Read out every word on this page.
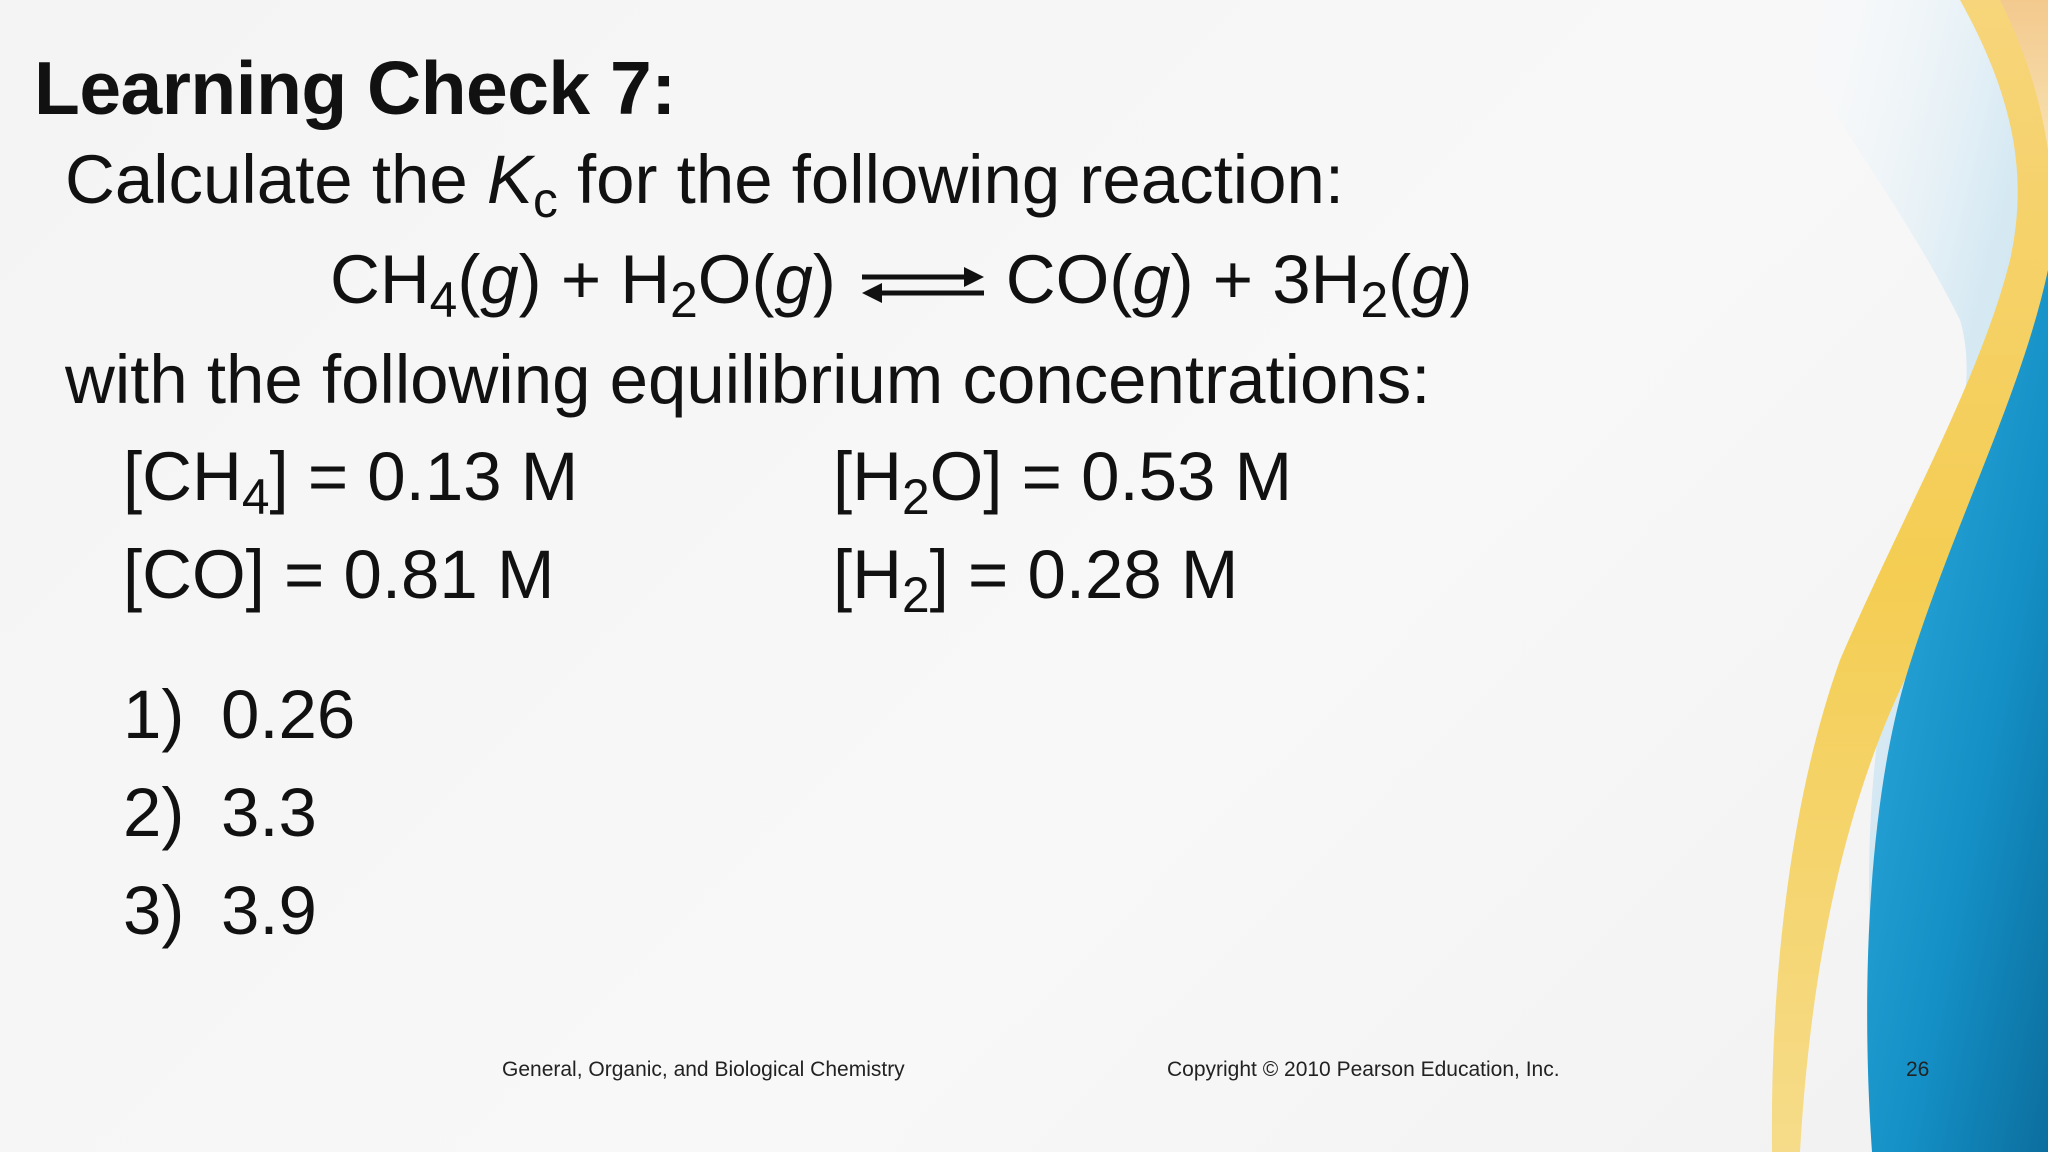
Learning Check 7:
Calculate the $K_c$ for the following reaction:
$CH_4(g) + H_2O(g)$ ⇌ $CO(g) + 3H_2(g)$
with the following equilibrium concentrations:
$[CH_4] = 0.13$ M	$[H_2O] = 0.53$ M
[CO] = 0.81 M	$[H_2] = 0.28$ M
1) 0.26
2) 3.3
3) 3.9
General, Organic, and Biological Chemistry	Copyright © 2010 Pearson Education, Inc.	26
